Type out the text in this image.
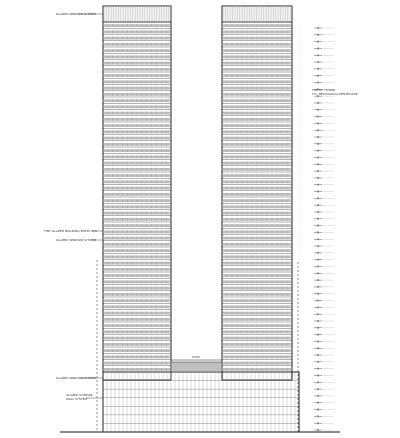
6500
GLAZED WINDOW SYSTEM
TINT GLAZED BUILDING ENTRY SYS
GLAZED WINDOW SYSTEM
GLAZED WINDOW SYSTEM
GLAZED CURTAIN
WALL SYSTEM
TOP OF TOWER
T.O. MECHANICAL PENTHOUSE
